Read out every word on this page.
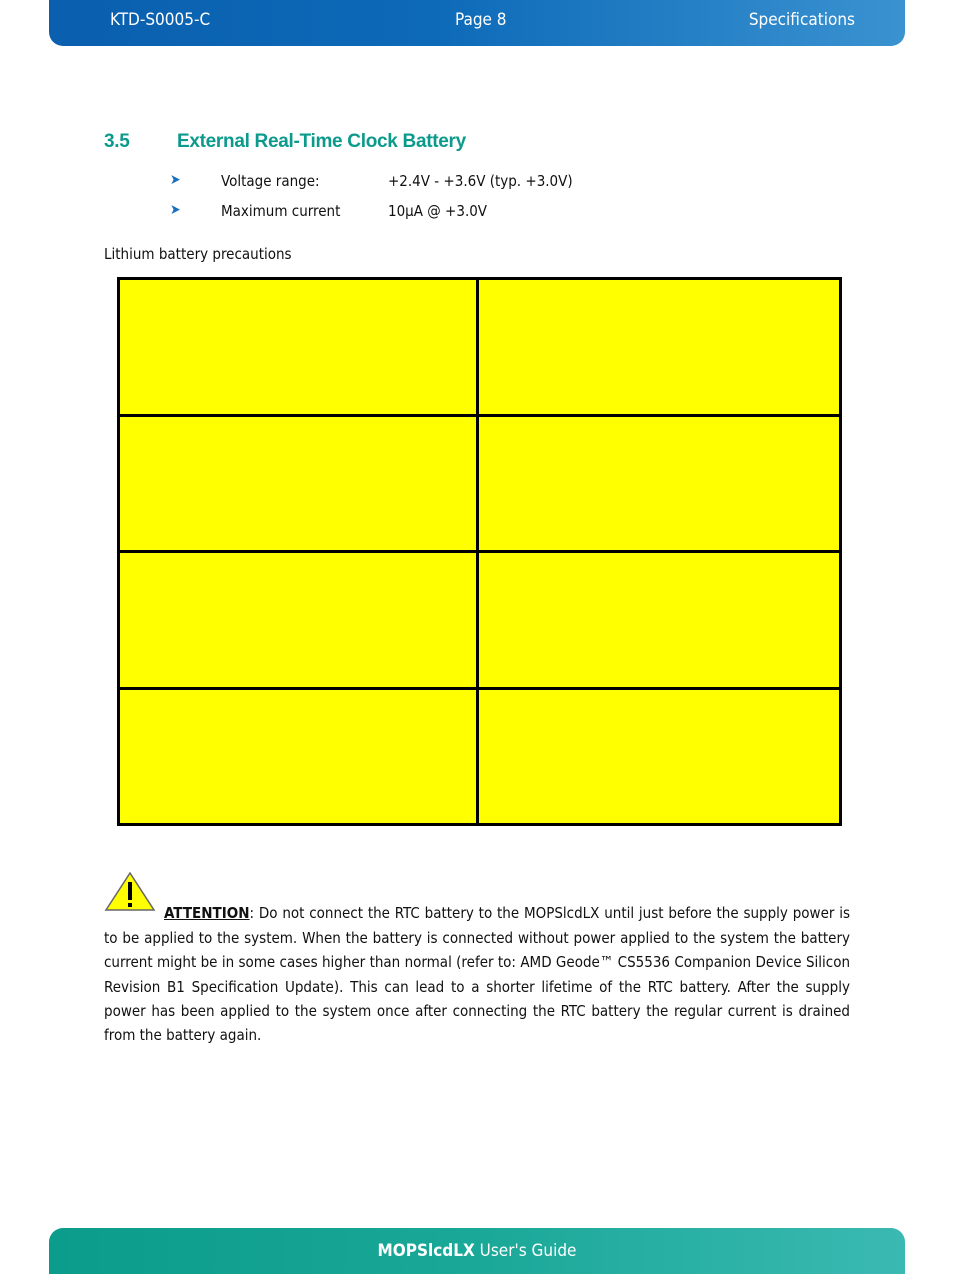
KTD-S0005-C	Page 8	Specifications
3.5 External Real-Time Clock Battery
➤	Voltage range:	+2.4V - +3.6V (typ. +3.0V)
➤	Maximum current	10μA @ +3.0V
Lithium battery precautions

ATTENTION: Do not connect the RTC battery to the MOPSlcdLX until just before the supply power is to be applied to the system. When the battery is connected without power applied to the system the battery current might be in some cases higher than normal (refer to: AMD Geode™ CS5536 Companion Device Silicon Revision B1 Specification Update). This can lead to a shorter lifetime of the RTC battery. After the supply power has been applied to the system once after connecting the RTC battery the regular current is drained from the battery again.
MOPSlcdLX User's Guide
